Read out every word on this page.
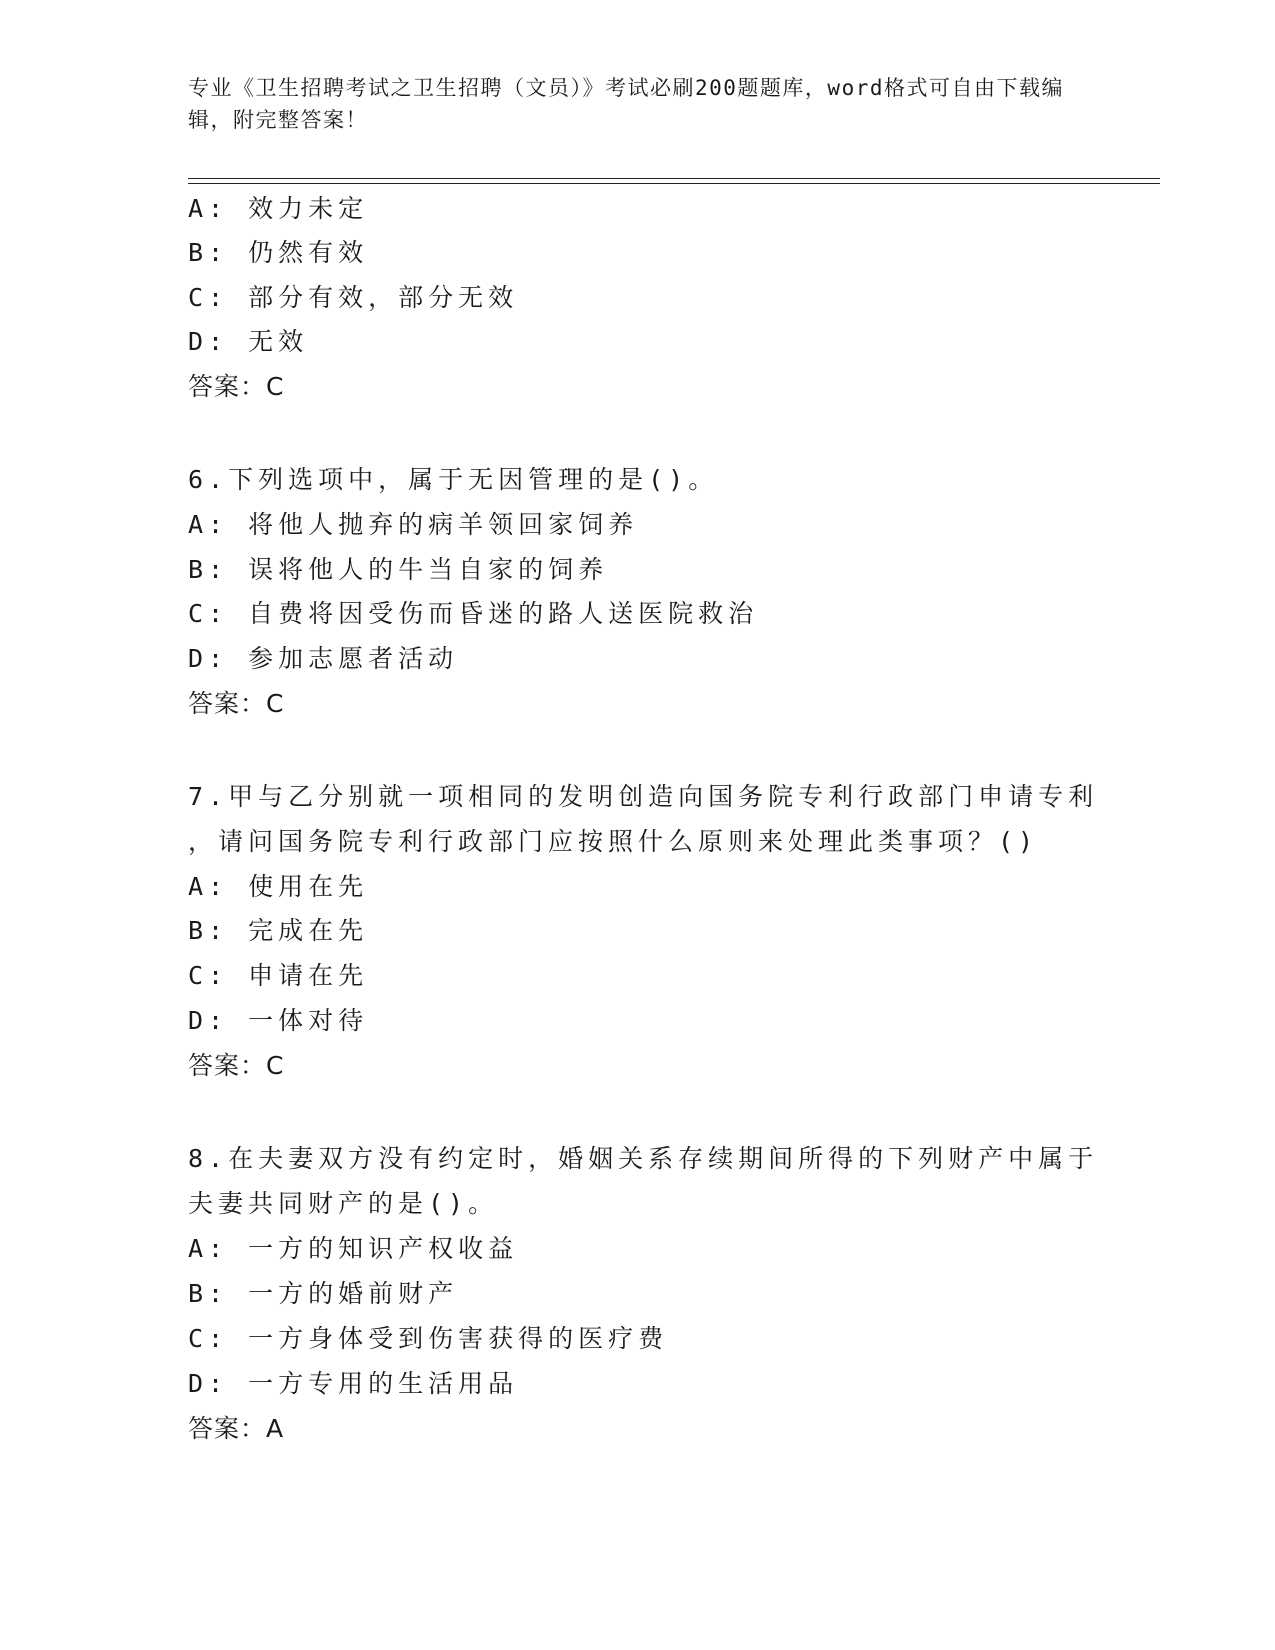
专业《卫生招聘考试之卫生招聘（文员）》考试必刷200题题库，word格式可自由下载编辑，附完整答案！
A: 效力未定
B: 仍然有效
C: 部分有效，部分无效
D: 无效
答案：C
6.下列选项中，属于无因管理的是()。
A: 将他人抛弃的病羊领回家饲养
B: 误将他人的牛当自家的饲养
C: 自费将因受伤而昏迷的路人送医院救治
D: 参加志愿者活动
答案：C
7.甲与乙分别就一项相同的发明创造向国务院专利行政部门申请专利
，请问国务院专利行政部门应按照什么原则来处理此类事项？()
A: 使用在先
B: 完成在先
C: 申请在先
D: 一体对待
答案：C
8.在夫妻双方没有约定时，婚姻关系存续期间所得的下列财产中属于
夫妻共同财产的是()。
A: 一方的知识产权收益
B: 一方的婚前财产
C: 一方身体受到伤害获得的医疗费
D: 一方专用的生活用品
答案：A
